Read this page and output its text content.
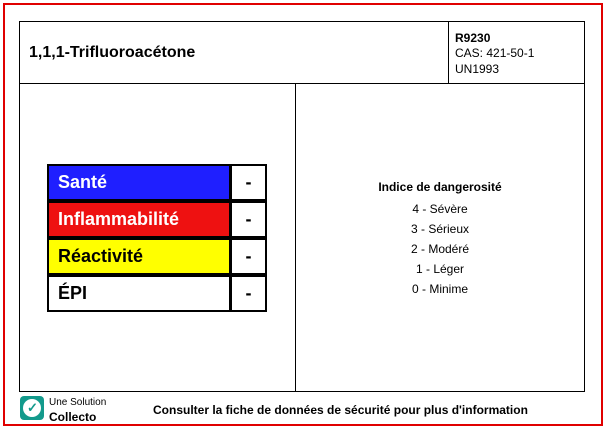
1,1,1-Trifluoroacétone
R9230
CAS: 421-50-1
UN1993
Santé	-
Inflammabilité	-
Réactivité	-
ÉPI	-
Indice de dangerosité
4 - Sévère
3 - Sérieux
2 - Modéré
1 - Léger
0 - Minime
✓ Une Solution
Collecto	Consulter la fiche de données de sécurité pour plus d'information
